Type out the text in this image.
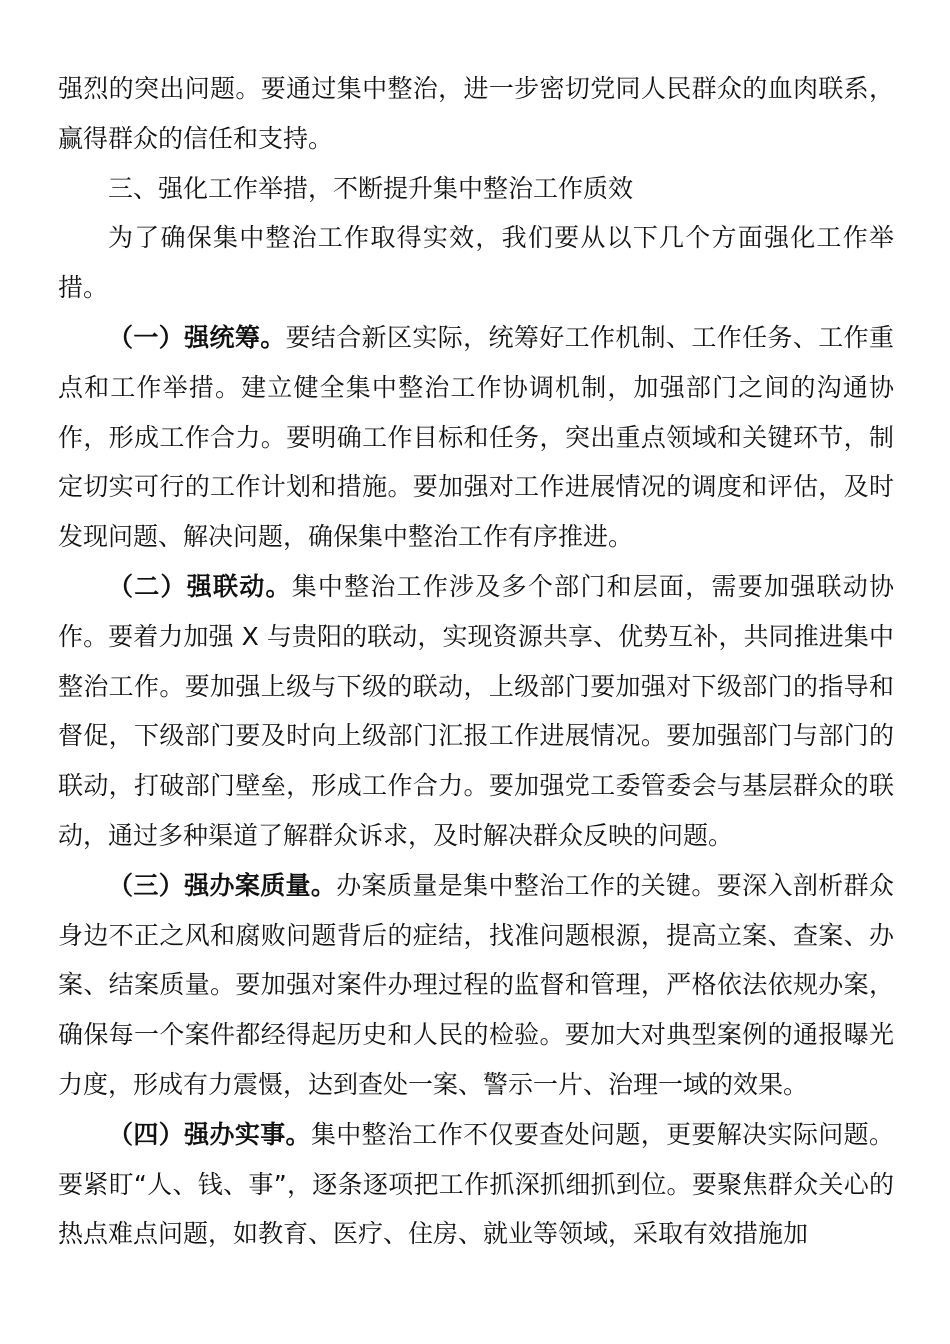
强烈的突出问题。要通过集中整治，进一步密切党同人民群众的血肉联系，赢得群众的信任和支持。

三、强化工作举措，不断提升集中整治工作质效

为了确保集中整治工作取得实效，我们要从以下几个方面强化工作举措。

（一）强统筹。要结合新区实际，统筹好工作机制、工作任务、工作重点和工作举措。建立健全集中整治工作协调机制，加强部门之间的沟通协作，形成工作合力。要明确工作目标和任务，突出重点领域和关键环节，制定切实可行的工作计划和措施。要加强对工作进展情况的调度和评估，及时发现问题、解决问题，确保集中整治工作有序推进。

（二）强联动。集中整治工作涉及多个部门和层面，需要加强联动协作。要着力加强 X 与贵阳的联动，实现资源共享、优势互补，共同推进集中整治工作。要加强上级与下级的联动，上级部门要加强对下级部门的指导和督促，下级部门要及时向上级部门汇报工作进展情况。要加强部门与部门的联动，打破部门壁垒，形成工作合力。要加强党工委管委会与基层群众的联动，通过多种渠道了解群众诉求，及时解决群众反映的问题。

（三）强办案质量。办案质量是集中整治工作的关键。要深入剖析群众身边不正之风和腐败问题背后的症结，找准问题根源，提高立案、查案、办案、结案质量。要加强对案件办理过程的监督和管理，严格依法依规办案，确保每一个案件都经得起历史和人民的检验。要加大对典型案例的通报曝光力度，形成有力震慑，达到查处一案、警示一片、治理一域的效果。

（四）强办实事。集中整治工作不仅要查处问题，更要解决实际问题。要紧盯“人、钱、事”，逐条逐项把工作抓深抓细抓到位。要聚焦群众关心的热点难点问题，如教育、医疗、住房、就业等领域，采取有效措施加
